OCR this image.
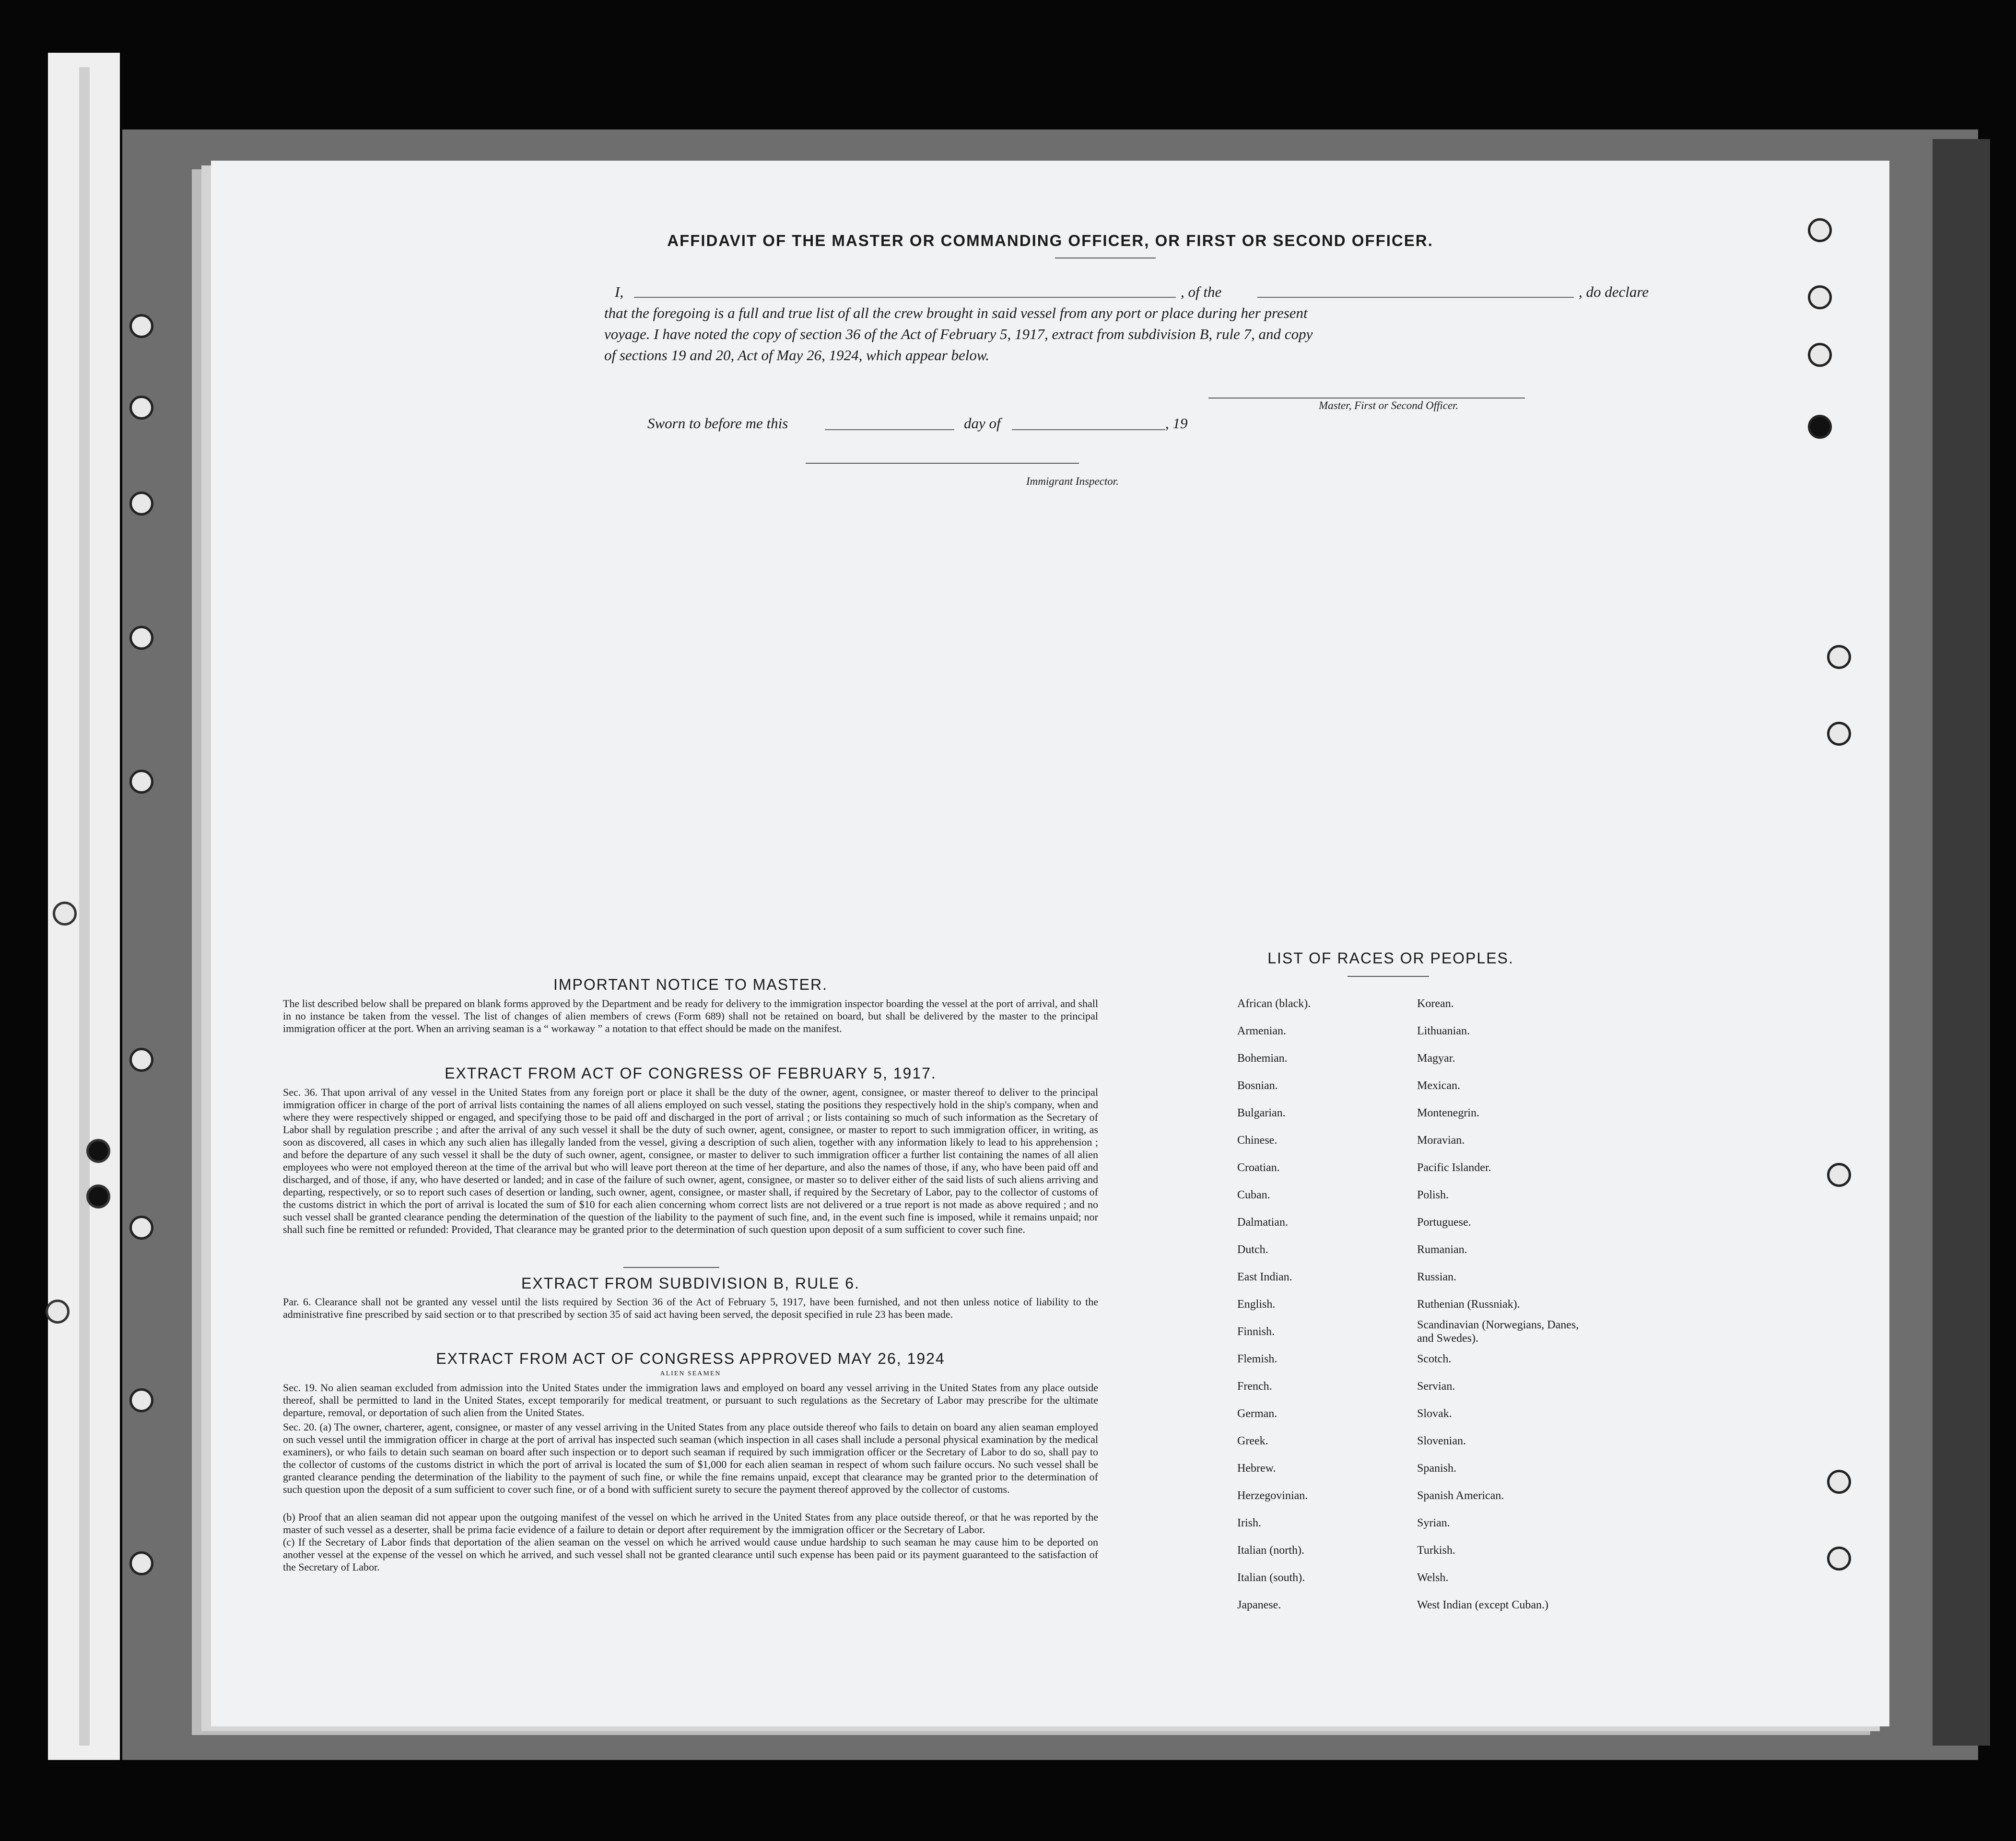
AFFIDAVIT OF THE MASTER OR COMMANDING OFFICER, OR FIRST OR SECOND OFFICER.
I,	, of the	, do declare
that the foregoing is a full and true list of all the crew brought in said vessel from any port or place during her present
voyage. I have noted the copy of section 36 of the Act of February 5, 1917, extract from subdivision B, rule 7, and copy
of sections 19 and 20, Act of May 26, 1924, which appear below.
Master, First or Second Officer.
Sworn to before me this	day of	, 19
Immigrant Inspector.
IMPORTANT NOTICE TO MASTER.
The list described below shall be prepared on blank forms approved by the Department and be ready for delivery to the immigration inspector boarding the vessel at the port of arrival, and shall in no instance be taken from the vessel. The list of changes of alien members of crews (Form 689) shall not be retained on board, but shall be delivered by the master to the principal immigration officer at the port. When an arriving seaman is a “ workaway ” a notation to that effect should be made on the manifest.
EXTRACT FROM ACT OF CONGRESS OF FEBRUARY 5, 1917.
Sec. 36. That upon arrival of any vessel in the United States from any foreign port or place it shall be the duty of the owner, agent, consignee, or master thereof to deliver to the principal immigration officer in charge of the port of arrival lists containing the names of all aliens employed on such vessel, stating the positions they respectively hold in the ship's company, when and where they were respectively shipped or engaged, and specifying those to be paid off and discharged in the port of arrival ; or lists containing so much of such information as the Secretary of Labor shall by regulation prescribe ; and after the arrival of any such vessel it shall be the duty of such owner, agent, consignee, or master to report to such immigration officer, in writing, as soon as discovered, all cases in which any such alien has illegally landed from the vessel, giving a description of such alien, together with any information likely to lead to his apprehension ; and before the departure of any such vessel it shall be the duty of such owner, agent, consignee, or master to deliver to such immigration officer a further list containing the names of all alien employees who were not employed thereon at the time of the arrival but who will leave port thereon at the time of her departure, and also the names of those, if any, who have been paid off and discharged, and of those, if any, who have deserted or landed; and in case of the failure of such owner, agent, consignee, or master so to deliver either of the said lists of such aliens arriving and departing, respectively, or so to report such cases of desertion or landing, such owner, agent, consignee, or master shall, if required by the Secretary of Labor, pay to the collector of customs of the customs district in which the port of arrival is located the sum of $10 for each alien concerning whom correct lists are not delivered or a true report is not made as above required ; and no such vessel shall be granted clearance pending the determination of the question of the liability to the payment of such fine, and, in the event such fine is imposed, while it remains unpaid; nor shall such fine be remitted or refunded: Provided, That clearance may be granted prior to the determination of such question upon deposit of a sum sufficient to cover such fine.
EXTRACT FROM SUBDIVISION B, RULE 6.
Par. 6. Clearance shall not be granted any vessel until the lists required by Section 36 of the Act of February 5, 1917, have been furnished, and not then unless notice of liability to the administrative fine prescribed by said section or to that prescribed by section 35 of said act having been served, the deposit specified in rule 23 has been made.
EXTRACT FROM ACT OF CONGRESS APPROVED MAY 26, 1924
ALIEN SEAMEN
Sec. 19. No alien seaman excluded from admission into the United States under the immigration laws and employed on board any vessel arriving in the United States from any place outside thereof, shall be permitted to land in the United States, except temporarily for medical treatment, or pursuant to such regulations as the Secretary of Labor may prescribe for the ultimate departure, removal, or deportation of such alien from the United States.
Sec. 20. (a) The owner, charterer, agent, consignee, or master of any vessel arriving in the United States from any place outside thereof who fails to detain on board any alien seaman employed on such vessel until the immigration officer in charge at the port of arrival has inspected such seaman (which inspection in all cases shall include a personal physical examination by the medical examiners), or who fails to detain such seaman on board after such inspection or to deport such seaman if required by such immigration officer or the Secretary of Labor to do so, shall pay to the collector of customs of the customs district in which the port of arrival is located the sum of $1,000 for each alien seaman in respect of whom such failure occurs. No such vessel shall be granted clearance pending the determination of the liability to the payment of such fine, or while the fine remains unpaid, except that clearance may be granted prior to the determination of such question upon the deposit of a sum sufficient to cover such fine, or of a bond with sufficient surety to secure the payment thereof approved by the collector of customs.
(b) Proof that an alien seaman did not appear upon the outgoing manifest of the vessel on which he arrived in the United States from any place outside thereof, or that he was reported by the master of such vessel as a deserter, shall be prima facie evidence of a failure to detain or deport after requirement by the immigration officer or the Secretary of Labor.
(c) If the Secretary of Labor finds that deportation of the alien seaman on the vessel on which he arrived would cause undue hardship to such seaman he may cause him to be deported on another vessel at the expense of the vessel on which he arrived, and such vessel shall not be granted clearance until such expense has been paid or its payment guaranteed to the satisfaction of the Secretary of Labor.
LIST OF RACES OR PEOPLES.
African (black).
Armenian.
Bohemian.
Bosnian.
Bulgarian.
Chinese.
Croatian.
Cuban.
Dalmatian.
Dutch.
East Indian.
English.
Finnish.
Flemish.
French.
German.
Greek.
Hebrew.
Herzegovinian.
Irish.
Italian (north).
Italian (south).
Japanese.
Korean.
Lithuanian.
Magyar.
Mexican.
Montenegrin.
Moravian.
Pacific Islander.
Polish.
Portuguese.
Rumanian.
Russian.
Ruthenian (Russniak).
Scandinavian (Norwegians, Danes, and Swedes).
Scotch.
Servian.
Slovak.
Slovenian.
Spanish.
Spanish American.
Syrian.
Turkish.
Welsh.
West Indian (except Cuban.)
